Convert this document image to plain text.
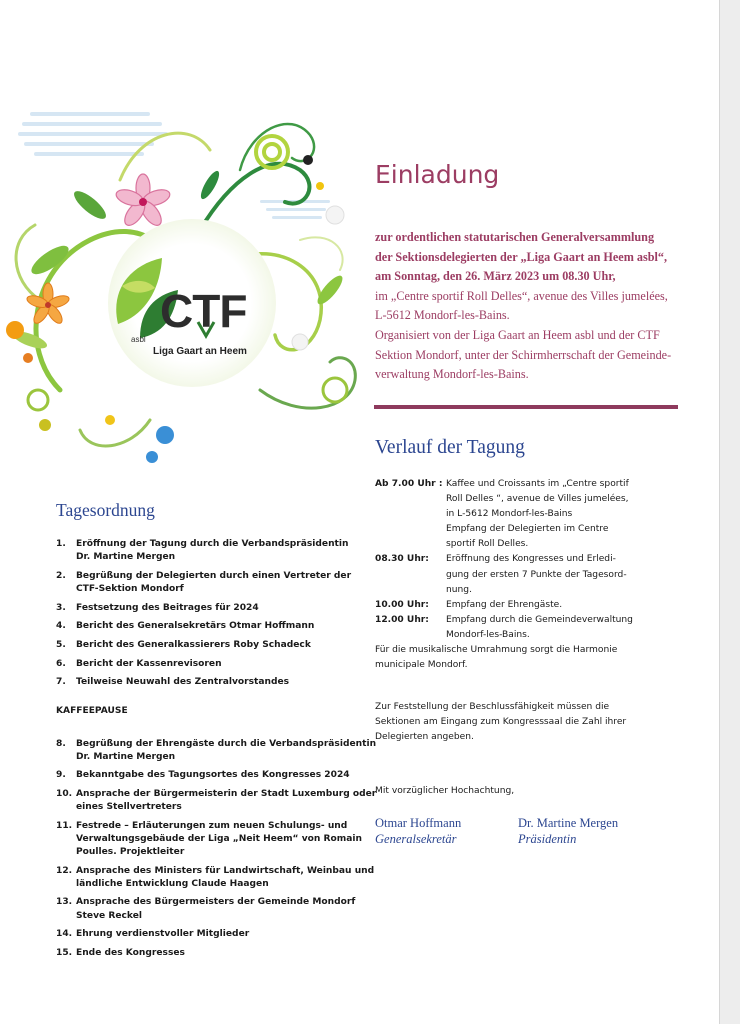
CTF
asbl
Liga Gaart an Heem
Einladung
zur ordentlichen statutarischen Generalversammlung
der Sektionsdelegierten der „Liga Gaart an Heem asbl“,
am Sonntag, den 26. März 2023 um 08.30 Uhr,
im „Centre sportif Roll Delles“, avenue des Villes jumelées,
L-5612 Mondorf-les-Bains.
Organisiert von der Liga Gaart an Heem asbl und der CTF
Sektion Mondorf, unter der Schirmherrschaft der Gemeinde-
verwaltung Mondorf-les-Bains.
Verlauf der Tagung
Ab 7.00 Uhr : Kaffee und Croissants im „Centre sportif
Roll Delles “, avenue de Villes jumelées,
in L-5612 Mondorf-les-Bains
Empfang der Delegierten im Centre
sportif Roll Delles.
08.30 Uhr: Eröffnung des Kongresses und Erledi-
gung der ersten 7 Punkte der Tagesord-
nung.
10.00 Uhr: Empfang der Ehrengäste.
12.00 Uhr: Empfang durch die Gemeindeverwaltung
Mondorf-les-Bains.
Für die musikalische Umrahmung sorgt die Harmonie
municipale Mondorf.
Zur Feststellung der Beschlussfähigkeit müssen die
Sektionen am Eingang zum Kongresssaal die Zahl ihrer
Delegierten angeben.
Mit vorzüglicher Hochachtung,
Otmar Hoffmann
Generalsekretär
Dr. Martine Mergen
Präsidentin
Tagesordnung
1. Eröffnung der Tagung durch die Verbandspräsidentin
Dr. Martine Mergen
2. Begrüßung der Delegierten durch einen Vertreter der
CTF-Sektion Mondorf
3. Festsetzung des Beitrages für 2024
4. Bericht des Generalsekretärs Otmar Hoffmann
5. Bericht des Generalkassierers Roby Schadeck
6. Bericht der Kassenrevisoren
7. Teilweise Neuwahl des Zentralvorstandes
KAFFEEPAUSE
8. Begrüßung der Ehrengäste durch die Verbandspräsidentin
Dr. Martine Mergen
9. Bekanntgabe des Tagungsortes des Kongresses 2024
10. Ansprache der Bürgermeisterin der Stadt Luxemburg oder
eines Stellvertreters
11. Festrede – Erläuterungen zum neuen Schulungs- und
Verwaltungsgebäude der Liga „Neit Heem“ von Romain
Poulles. Projektleiter
12. Ansprache des Ministers für Landwirtschaft, Weinbau und
ländliche Entwicklung Claude Haagen
13. Ansprache des Bürgermeisters der Gemeinde Mondorf
Steve Reckel
14. Ehrung verdienstvoller Mitglieder
15. Ende des Kongresses
